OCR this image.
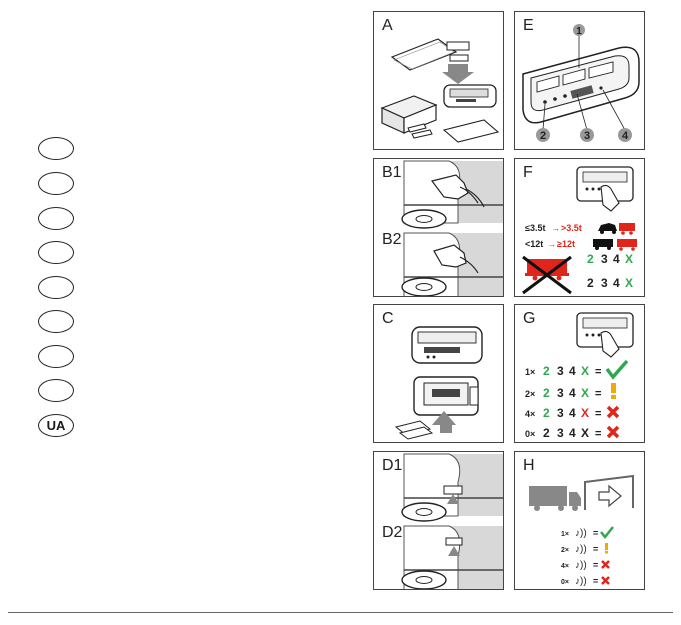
UA
A	E	1
2	3	4
B1
B2
F
≤3.5t → >3.5t
<12t → ≥12t
2 3 4 X
2 3 4 X
C	G
1× 2 3 4 X =
2× 2 3 4 X =
4× 2 3 4 X =
0× 2 3 4 X =
D1
D2
H
1× ♪)) =
2× ♪)) =
4× ♪)) =
0× ♪)) =
